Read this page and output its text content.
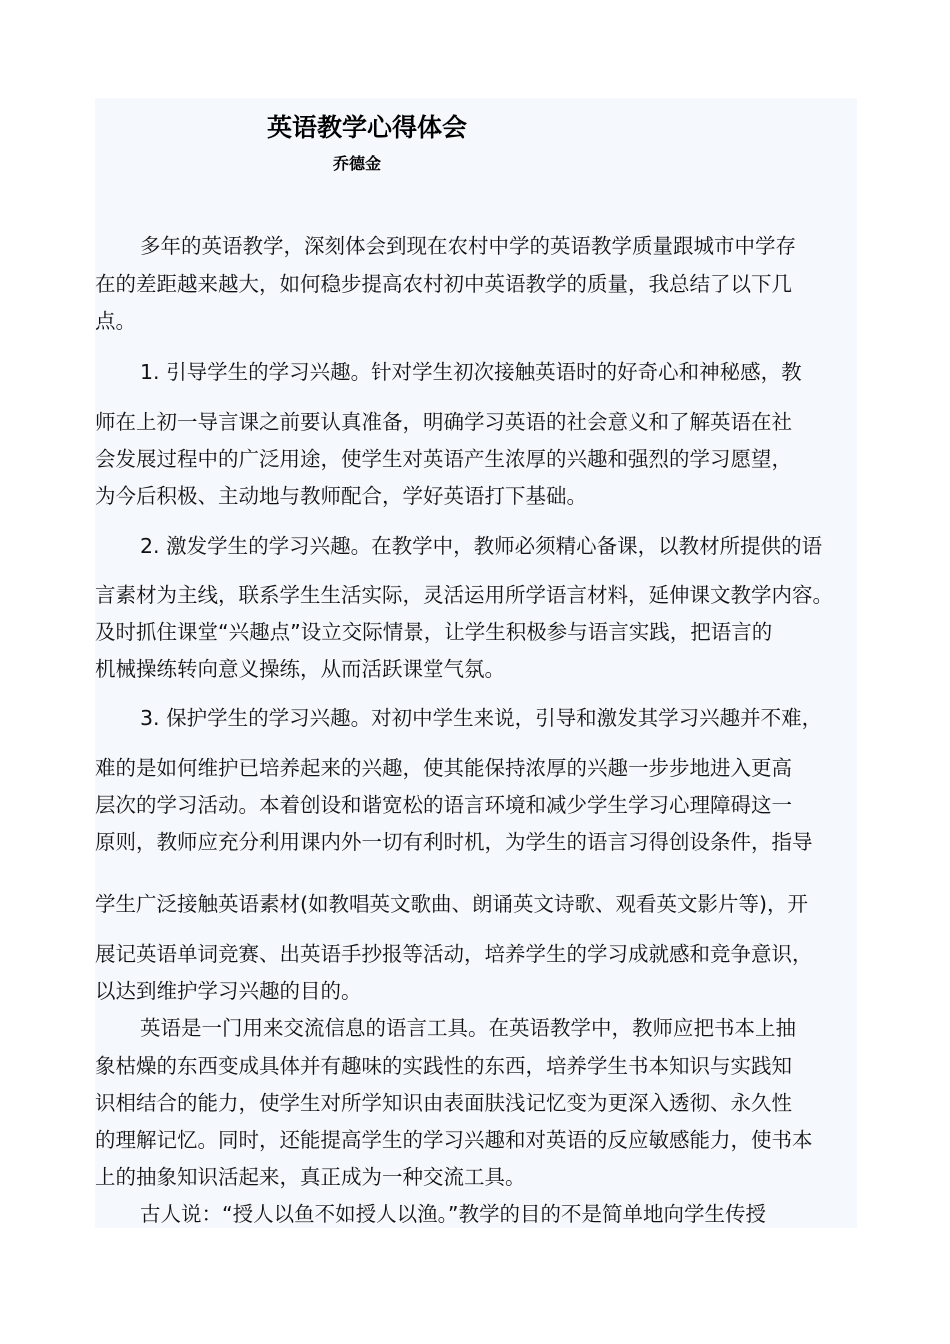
英语教学心得体会
乔德金
多年的英语教学，深刻体会到现在农村中学的英语教学质量跟城市中学存
在的差距越来越大，如何稳步提高农村初中英语教学的质量，我总结了以下几
点。
1. 引导学生的学习兴趣。针对学生初次接触英语时的好奇心和神秘感，教
师在上初一导言课之前要认真准备，明确学习英语的社会意义和了解英语在社
会发展过程中的广泛用途，使学生对英语产生浓厚的兴趣和强烈的学习愿望，
为今后积极、主动地与教师配合，学好英语打下基础。
2. 激发学生的学习兴趣。在教学中，教师必须精心备课，以教材所提供的语
言素材为主线，联系学生生活实际，灵活运用所学语言材料，延伸课文教学内容。
及时抓住课堂“兴趣点”设立交际情景，让学生积极参与语言实践，把语言的
机械操练转向意义操练，从而活跃课堂气氛。
3. 保护学生的学习兴趣。对初中学生来说，引导和激发其学习兴趣并不难，
难的是如何维护已培养起来的兴趣，使其能保持浓厚的兴趣一步步地进入更高
层次的学习活动。本着创设和谐宽松的语言环境和减少学生学习心理障碍这一
原则，教师应充分利用课内外一切有利时机，为学生的语言习得创设条件，指导
学生广泛接触英语素材(如教唱英文歌曲、朗诵英文诗歌、观看英文影片等)，开
展记英语单词竞赛、出英语手抄报等活动，培养学生的学习成就感和竞争意识，
以达到维护学习兴趣的目的。
英语是一门用来交流信息的语言工具。在英语教学中，教师应把书本上抽
象枯燥的东西变成具体并有趣味的实践性的东西，培养学生书本知识与实践知
识相结合的能力，使学生对所学知识由表面肤浅记忆变为更深入透彻、永久性
的理解记忆。同时，还能提高学生的学习兴趣和对英语的反应敏感能力，使书本
上的抽象知识活起来，真正成为一种交流工具。
古人说：“授人以鱼不如授人以渔。”教学的目的不是简单地向学生传授
